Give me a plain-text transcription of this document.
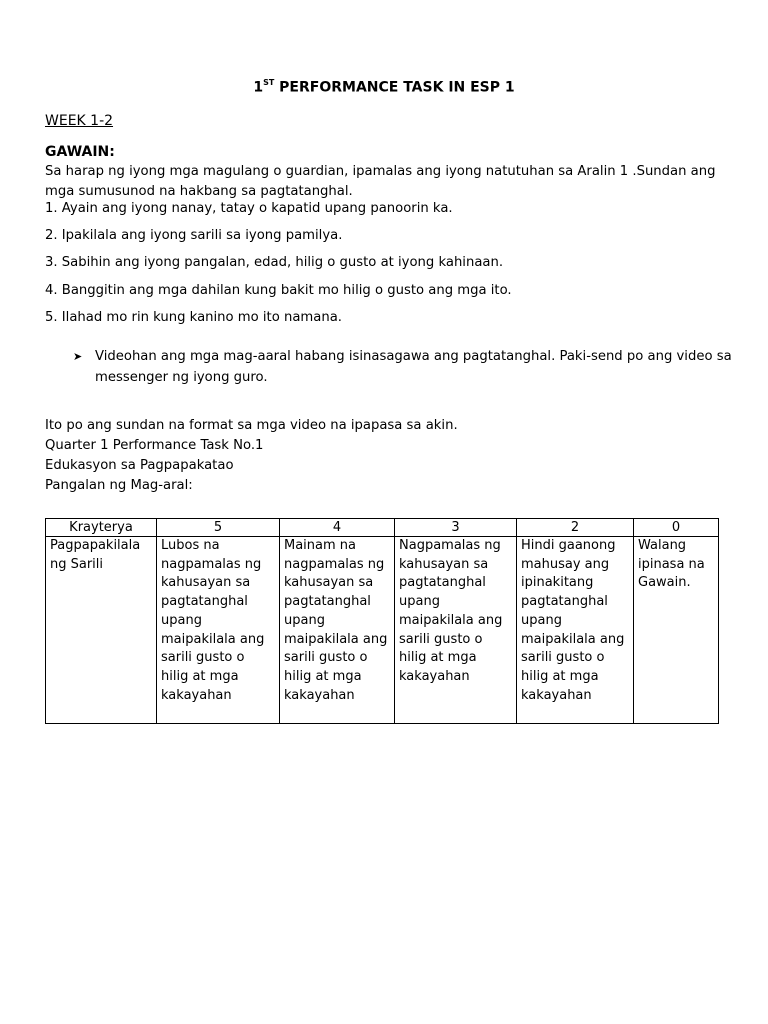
1ST PERFORMANCE TASK IN ESP 1
WEEK 1-2
GAWAIN:
Sa harap ng iyong mga magulang o guardian, ipamalas ang iyong natutuhan sa Aralin 1 .Sundan ang mga sumusunod na hakbang sa pagtatanghal.
1. Ayain ang iyong nanay, tatay o kapatid upang panoorin ka.
2. Ipakilala ang iyong sarili sa iyong pamilya.
3. Sabihin ang iyong pangalan, edad, hilig o gusto at iyong kahinaan.
4. Banggitin ang mga dahilan kung bakit mo hilig o gusto ang mga ito.
5. Ilahad mo rin kung kanino mo ito namana.
➤ Videohan ang mga mag-aaral habang isinasagawa ang pagtatanghal. Paki-send po ang video sa messenger ng iyong guro.
Ito po ang sundan na format sa mga video na ipapasa sa akin.
Quarter 1 Performance Task No.1
Edukasyon sa Pagpapakatao
Pangalan ng Mag-aral:
Krayterya	5	4	3	2	0
Pagpapakilala ng Sarili	Lubos na nagpamalas ng kahusayan sa pagtatanghal upang maipakilala ang sarili gusto o hilig at mga kakayahan	Mainam na nagpamalas ng kahusayan sa pagtatanghal upang maipakilala ang sarili gusto o hilig at mga kakayahan	Nagpamalas ng kahusayan sa pagtatanghal upang maipakilala ang sarili gusto o hilig at mga kakayahan	Hindi gaanong mahusay ang ipinakitang pagtatanghal upang maipakilala ang sarili gusto o hilig at mga kakayahan	Walang ipinasa na Gawain.
